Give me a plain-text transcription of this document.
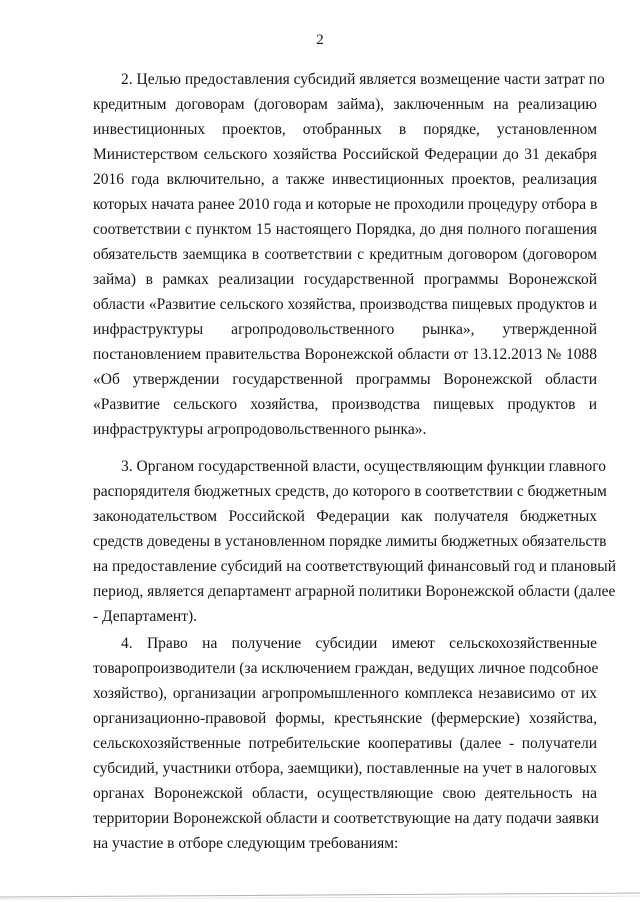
2
2. Целью предоставления субсидий является возмещение части затрат по
кредитным договорам (договорам займа), заключенным на реализацию
инвестиционных проектов, отобранных в порядке, установленном
Министерством сельского хозяйства Российской Федерации до 31 декабря
2016 года включительно, а также инвестиционных проектов, реализация
которых начата ранее 2010 года и которые не проходили процедуру отбора в
соответствии с пунктом 15 настоящего Порядка, до дня полного погашения
обязательств заемщика в соответствии с кредитным договором (договором
займа) в рамках реализации государственной программы Воронежской
области «Развитие сельского хозяйства, производства пищевых продуктов и
инфраструктуры агропродовольственного рынка», утвержденной
постановлением правительства Воронежской области от 13.12.2013 № 1088
«Об утверждении государственной программы Воронежской области
«Развитие сельского хозяйства, производства пищевых продуктов и
инфраструктуры агропродовольственного рынка».
3. Органом государственной власти, осуществляющим функции главного
распорядителя бюджетных средств, до которого в соответствии с бюджетным
законодательством Российской Федерации как получателя бюджетных
средств доведены в установленном порядке лимиты бюджетных обязательств
на предоставление субсидий на соответствующий финансовый год и плановый
период, является департамент аграрной политики Воронежской области (далее
- Департамент).
4. Право на получение субсидии имеют сельскохозяйственные
товаропроизводители (за исключением граждан, ведущих личное подсобное
хозяйство), организации агропромышленного комплекса независимо от их
организационно-правовой формы, крестьянские (фермерские) хозяйства,
сельскохозяйственные потребительские кооперативы (далее - получатели
субсидий, участники отбора, заемщики), поставленные на учет в налоговых
органах Воронежской области, осуществляющие свою деятельность на
территории Воронежской области и соответствующие на дату подачи заявки
на участие в отборе следующим требованиям:
